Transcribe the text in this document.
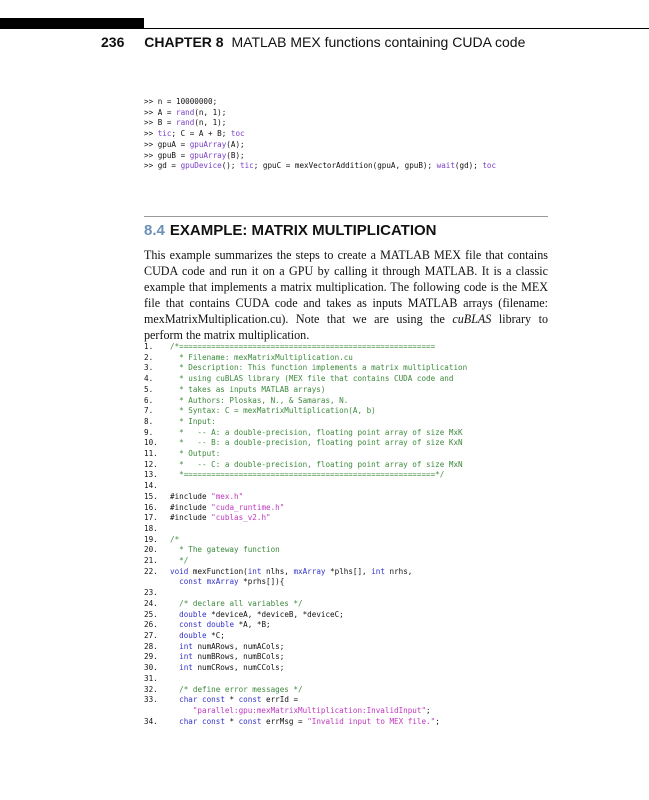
236 CHAPTER 8 MATLAB MEX functions containing CUDA code
>> n = 10000000;
>> A = rand(n, 1);
>> B = rand(n, 1);
>> tic; C = A + B; toc
>> gpuA = gpuArray(A);
>> gpuB = gpuArray(B);
>> gd = gpuDevice(); tic; gpuC = mexVectorAddition(gpuA, gpuB); wait(gd); toc
8.4 EXAMPLE: MATRIX MULTIPLICATION

This example summarizes the steps to create a MATLAB MEX file that contains CUDA code and run it on a GPU by calling it through MATLAB. It is a classic example that implements a matrix multiplication. The following code is the MEX file that contains CUDA code and takes as inputs MATLAB arrays (filename: mexMatrixMultiplication.cu). Note that we are using the cuBLAS library to perform the matrix multiplication.

1. /*========================================================
2.  * Filename: mexMatrixMultiplication.cu
3.  * Description: This function implements a matrix multiplication
4.  * using cuBLAS library (MEX file that contains CUDA code and
5.  * takes as inputs MATLAB arrays)
6.  * Authors: Ploskas, N., & Samaras, N.
7.  * Syntax: C = mexMatrixMultiplication(A, b)
8.  * Input:
9.  *   -- A: a double-precision, floating point array of size MxK
10.  *   -- B: a double-precision, floating point array of size KxN
11.  * Output:
12.  *   -- C: a double-precision, floating point array of size MxN
13.  *=======================================================*/
14.
15. #include "mex.h"
16. #include "cuda_runtime.h"
17. #include "cublas_v2.h"
18.
19. /*
20.  * The gateway function
21.  */
22. void mexFunction(int nlhs, mxArray *plhs[], int nrhs,
const mxArray *prhs[]){
23.
24.	/* declare all variables */
25.	double *deviceA, *deviceB, *deviceC;
26.	const double *A, *B;
27.	double *C;
28.	int numARows, numACols;
29.	int numBRows, numBCols;
30.	int numCRows, numCCols;
31.
32.	/* define error messages */
33.	char const * const errId =
"parallel:gpu:mexMatrixMultiplication:InvalidInput";
34.	char const * const errMsg = "Invalid input to MEX file.";
